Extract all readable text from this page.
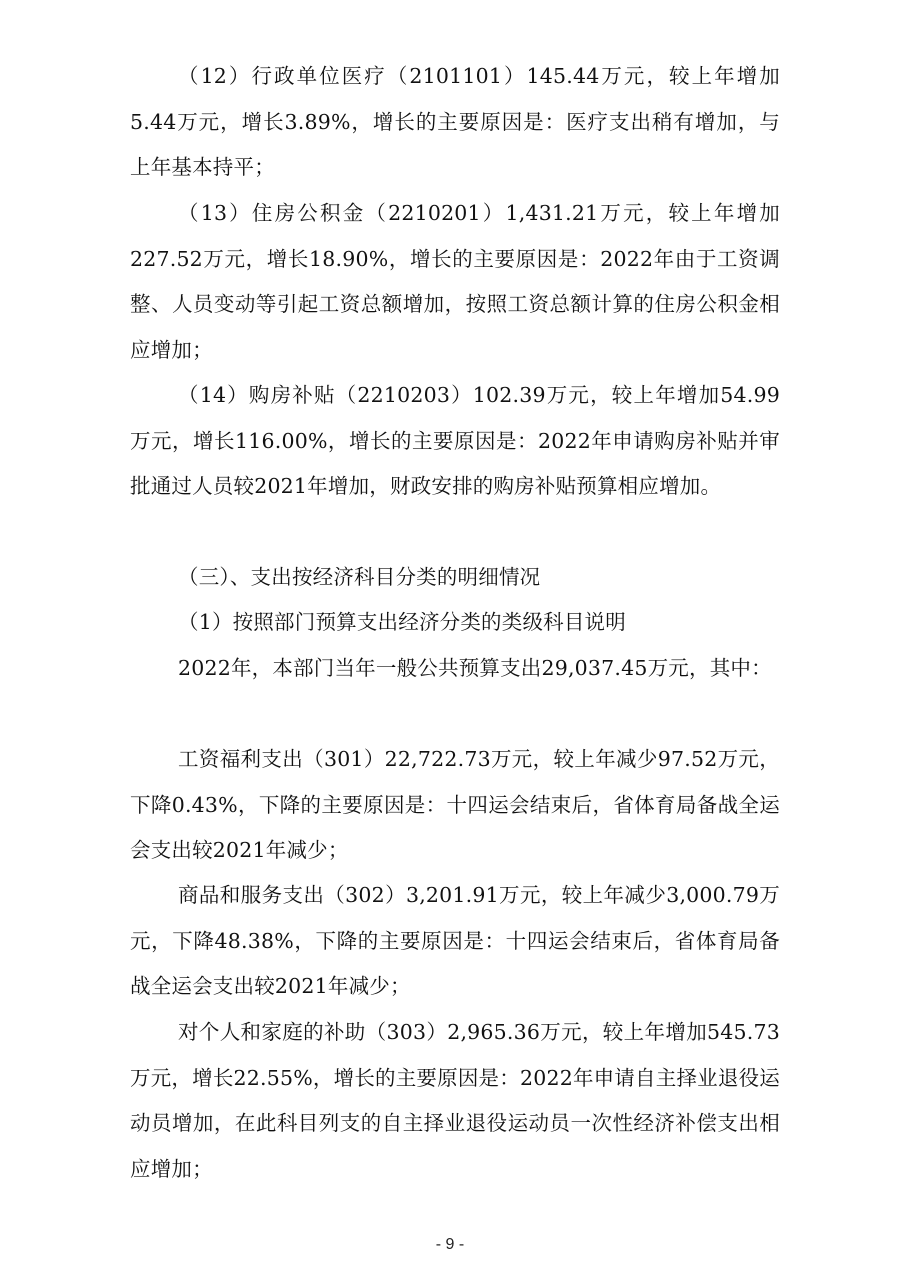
（12）行政单位医疗（2101101）145.44万元，较上年增加5.44万元，增长3.89%，增长的主要原因是：医疗支出稍有增加，与上年基本持平；

（13）住房公积金（2210201）1,431.21万元，较上年增加227.52万元，增长18.90%，增长的主要原因是：2022年由于工资调整、人员变动等引起工资总额增加，按照工资总额计算的住房公积金相应增加；

（14）购房补贴（2210203）102.39万元，较上年增加54.99万元，增长116.00%，增长的主要原因是：2022年申请购房补贴并审批通过人员较2021年增加，财政安排的购房补贴预算相应增加。

（三）、支出按经济科目分类的明细情况

（1）按照部门预算支出经济分类的类级科目说明

2022年，本部门当年一般公共预算支出29,037.45万元，其中：

工资福利支出（301）22,722.73万元，较上年减少97.52万元，下降0.43%，下降的主要原因是：十四运会结束后，省体育局备战全运会支出较2021年减少；

商品和服务支出（302）3,201.91万元，较上年减少3,000.79万元，下降48.38%，下降的主要原因是：十四运会结束后，省体育局备战全运会支出较2021年减少；

对个人和家庭的补助（303）2,965.36万元，较上年增加545.73万元，增长22.55%，增长的主要原因是：2022年申请自主择业退役运动员增加，在此科目列支的自主择业退役运动员一次性经济补偿支出相应增加；

- 9 -
